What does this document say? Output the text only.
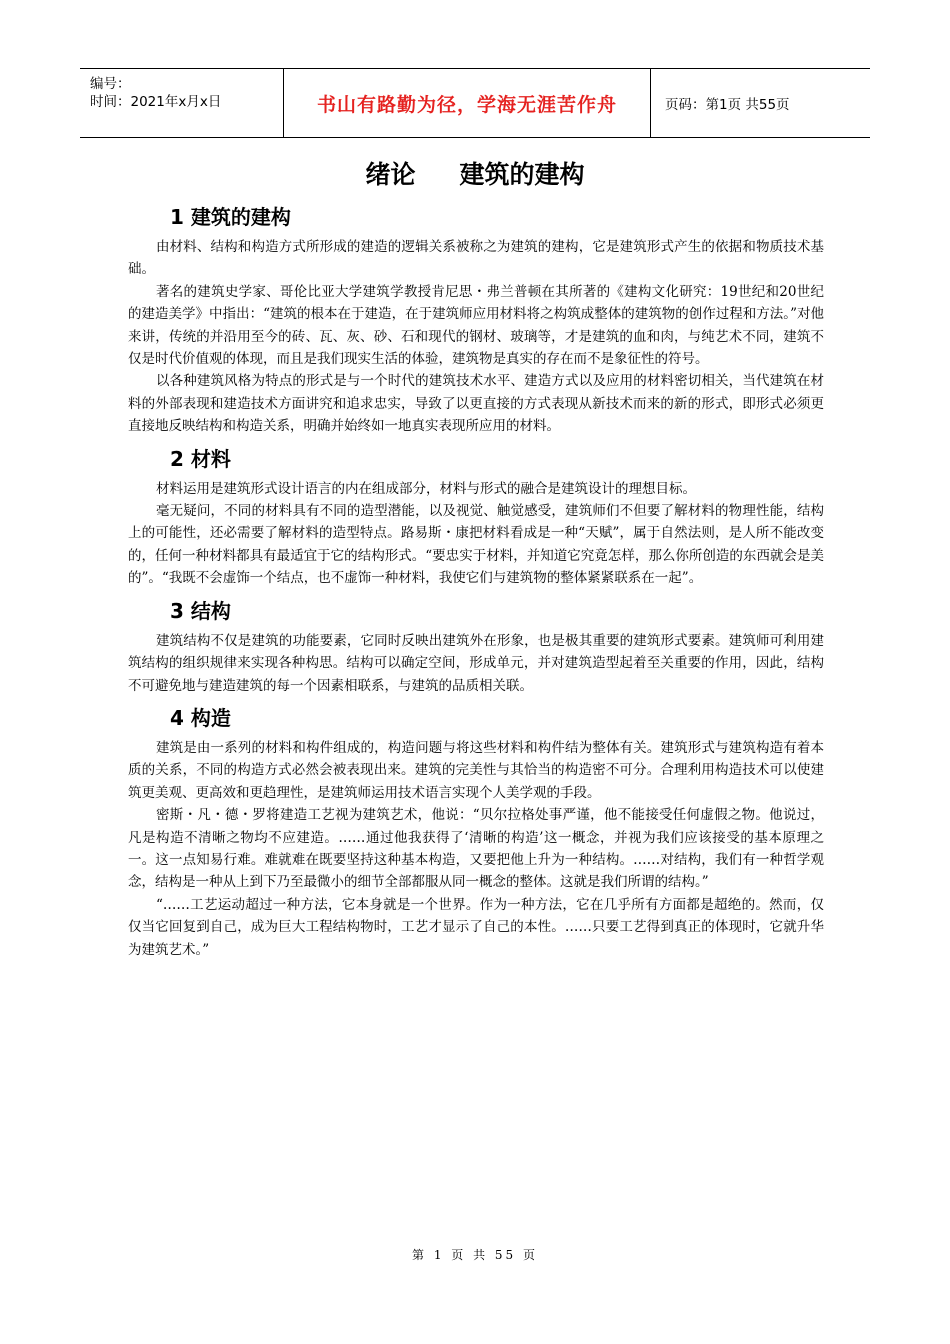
编号：
时间：2021年x月x日	书山有路勤为径，学海无涯苦作舟	页码：第1页 共55页
绪论 建筑的建构
1 建筑的建构

由材料、结构和构造方式所形成的建造的逻辑关系被称之为建筑的建构，它是建筑形式产生的依据和物质技术基础。

著名的建筑史学家、哥伦比亚大学建筑学教授肯尼思・弗兰普顿在其所著的《建构文化研究：19世纪和20世纪的建造美学》中指出：“建筑的根本在于建造，在于建筑师应用材料将之构筑成整体的建筑物的创作过程和方法。”对他来讲，传统的并沿用至今的砖、瓦、灰、砂、石和现代的钢材、玻璃等，才是建筑的血和肉，与纯艺术不同，建筑不仅是时代价值观的体现，而且是我们现实生活的体验，建筑物是真实的存在而不是象征性的符号。

以各种建筑风格为特点的形式是与一个时代的建筑技术水平、建造方式以及应用的材料密切相关，当代建筑在材料的外部表现和建造技术方面讲究和追求忠实，导致了以更直接的方式表现从新技术而来的新的形式，即形式必须更直接地反映结构和构造关系，明确并始终如一地真实表现所应用的材料。

2 材料

材料运用是建筑形式设计语言的内在组成部分，材料与形式的融合是建筑设计的理想目标。

毫无疑问，不同的材料具有不同的造型潜能，以及视觉、触觉感受，建筑师们不但要了解材料的物理性能，结构上的可能性，还必需要了解材料的造型特点。路易斯・康把材料看成是一种“天赋”，属于自然法则，是人所不能改变的，任何一种材料都具有最适宜于它的结构形式。“要忠实于材料，并知道它究竟怎样，那么你所创造的东西就会是美的”。“我既不会虚饰一个结点，也不虚饰一种材料，我使它们与建筑物的整体紧紧联系在一起”。

3 结构

建筑结构不仅是建筑的功能要素，它同时反映出建筑外在形象，也是极其重要的建筑形式要素。建筑师可利用建筑结构的组织规律来实现各种构思。结构可以确定空间，形成单元，并对建筑造型起着至关重要的作用，因此，结构不可避免地与建造建筑的每一个因素相联系，与建筑的品质相关联。

4 构造

建筑是由一系列的材料和构件组成的，构造问题与将这些材料和构件结为整体有关。建筑形式与建筑构造有着本质的关系，不同的构造方式必然会被表现出来。建筑的完美性与其恰当的构造密不可分。合理利用构造技术可以使建筑更美观、更高效和更趋理性，是建筑师运用技术语言实现个人美学观的手段。

密斯・凡・德・罗将建造工艺视为建筑艺术，他说：“贝尔拉格处事严谨，他不能接受任何虚假之物。他说过，凡是构造不清晰之物均不应建造。……通过他我获得了‘清晰的构造’这一概念，并视为我们应该接受的基本原理之一。这一点知易行难。难就难在既要坚持这种基本构造，又要把他上升为一种结构。……对结构，我们有一种哲学观念，结构是一种从上到下乃至最微小的细节全部都服从同一概念的整体。这就是我们所谓的结构。”

“……工艺运动超过一种方法，它本身就是一个世界。作为一种方法，它在几乎所有方面都是超绝的。然而，仅仅当它回复到自己，成为巨大工程结构物时，工艺才显示了自己的本性。……只要工艺得到真正的体现时，它就升华为建筑艺术。”

第 1 页 共 55 页
